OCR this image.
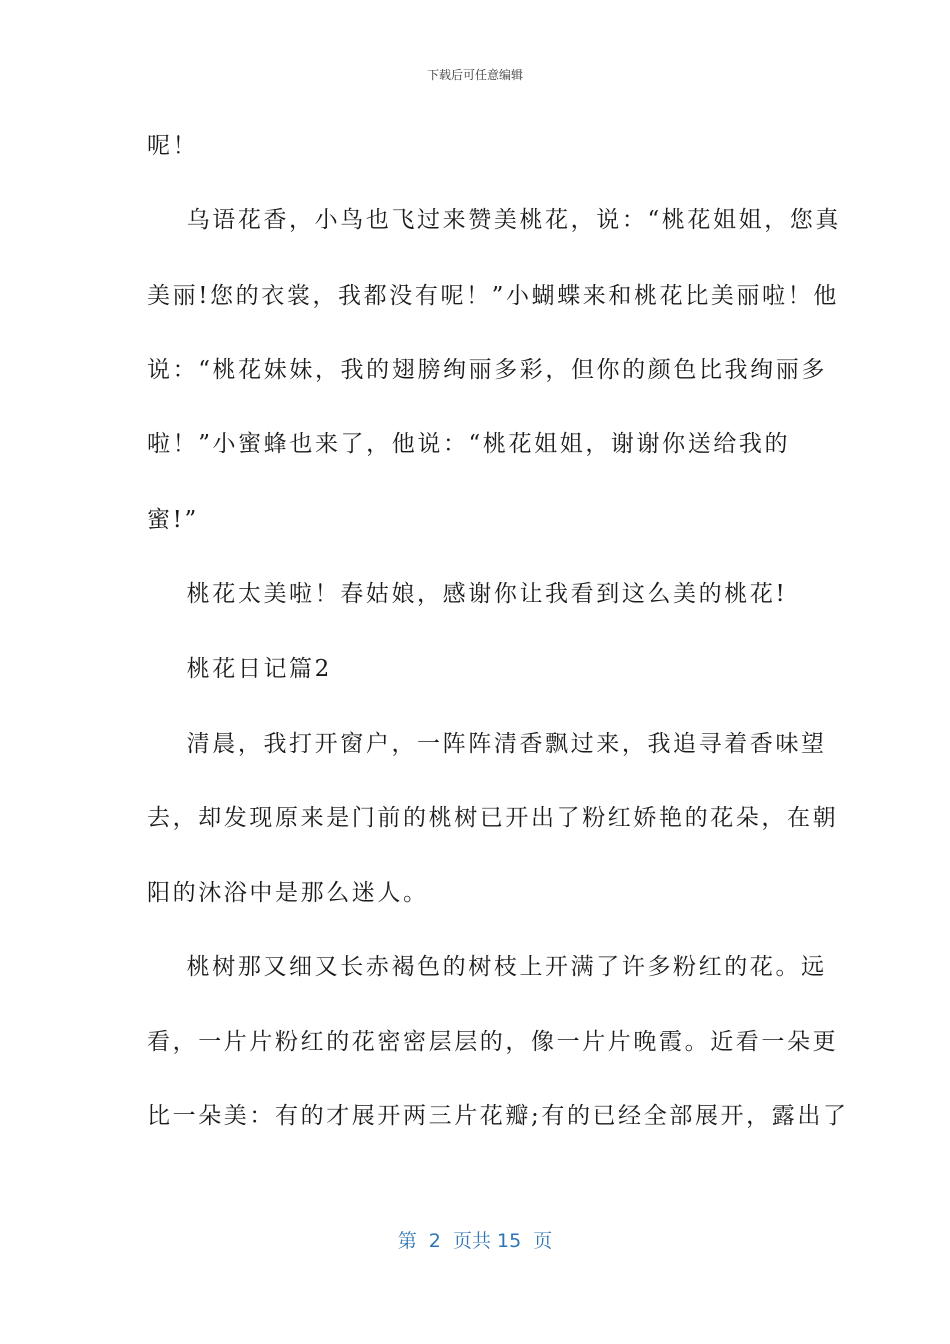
下载后可任意编辑
呢！
乌语花香，小鸟也飞过来赞美桃花，说：“桃花姐姐，您真
美丽!您的衣裳，我都没有呢！”小蝴蝶来和桃花比美丽啦！他
说：“桃花妹妹，我的翅膀绚丽多彩，但你的颜色比我绚丽多
啦！”小蜜蜂也来了，他说：“桃花姐姐，谢谢你送给我的
蜜!”
桃花太美啦！春姑娘，感谢你让我看到这么美的桃花!
桃花日记篇2
清晨，我打开窗户，一阵阵清香飘过来，我追寻着香味望
去，却发现原来是门前的桃树已开出了粉红娇艳的花朵，在朝
阳的沐浴中是那么迷人。
桃树那又细又长赤褐色的树枝上开满了许多粉红的花。远
看，一片片粉红的花密密层层的，像一片片晚霞。近看一朵更
比一朵美：有的才展开两三片花瓣;有的已经全部展开，露出了
第  2  页共 15  页
